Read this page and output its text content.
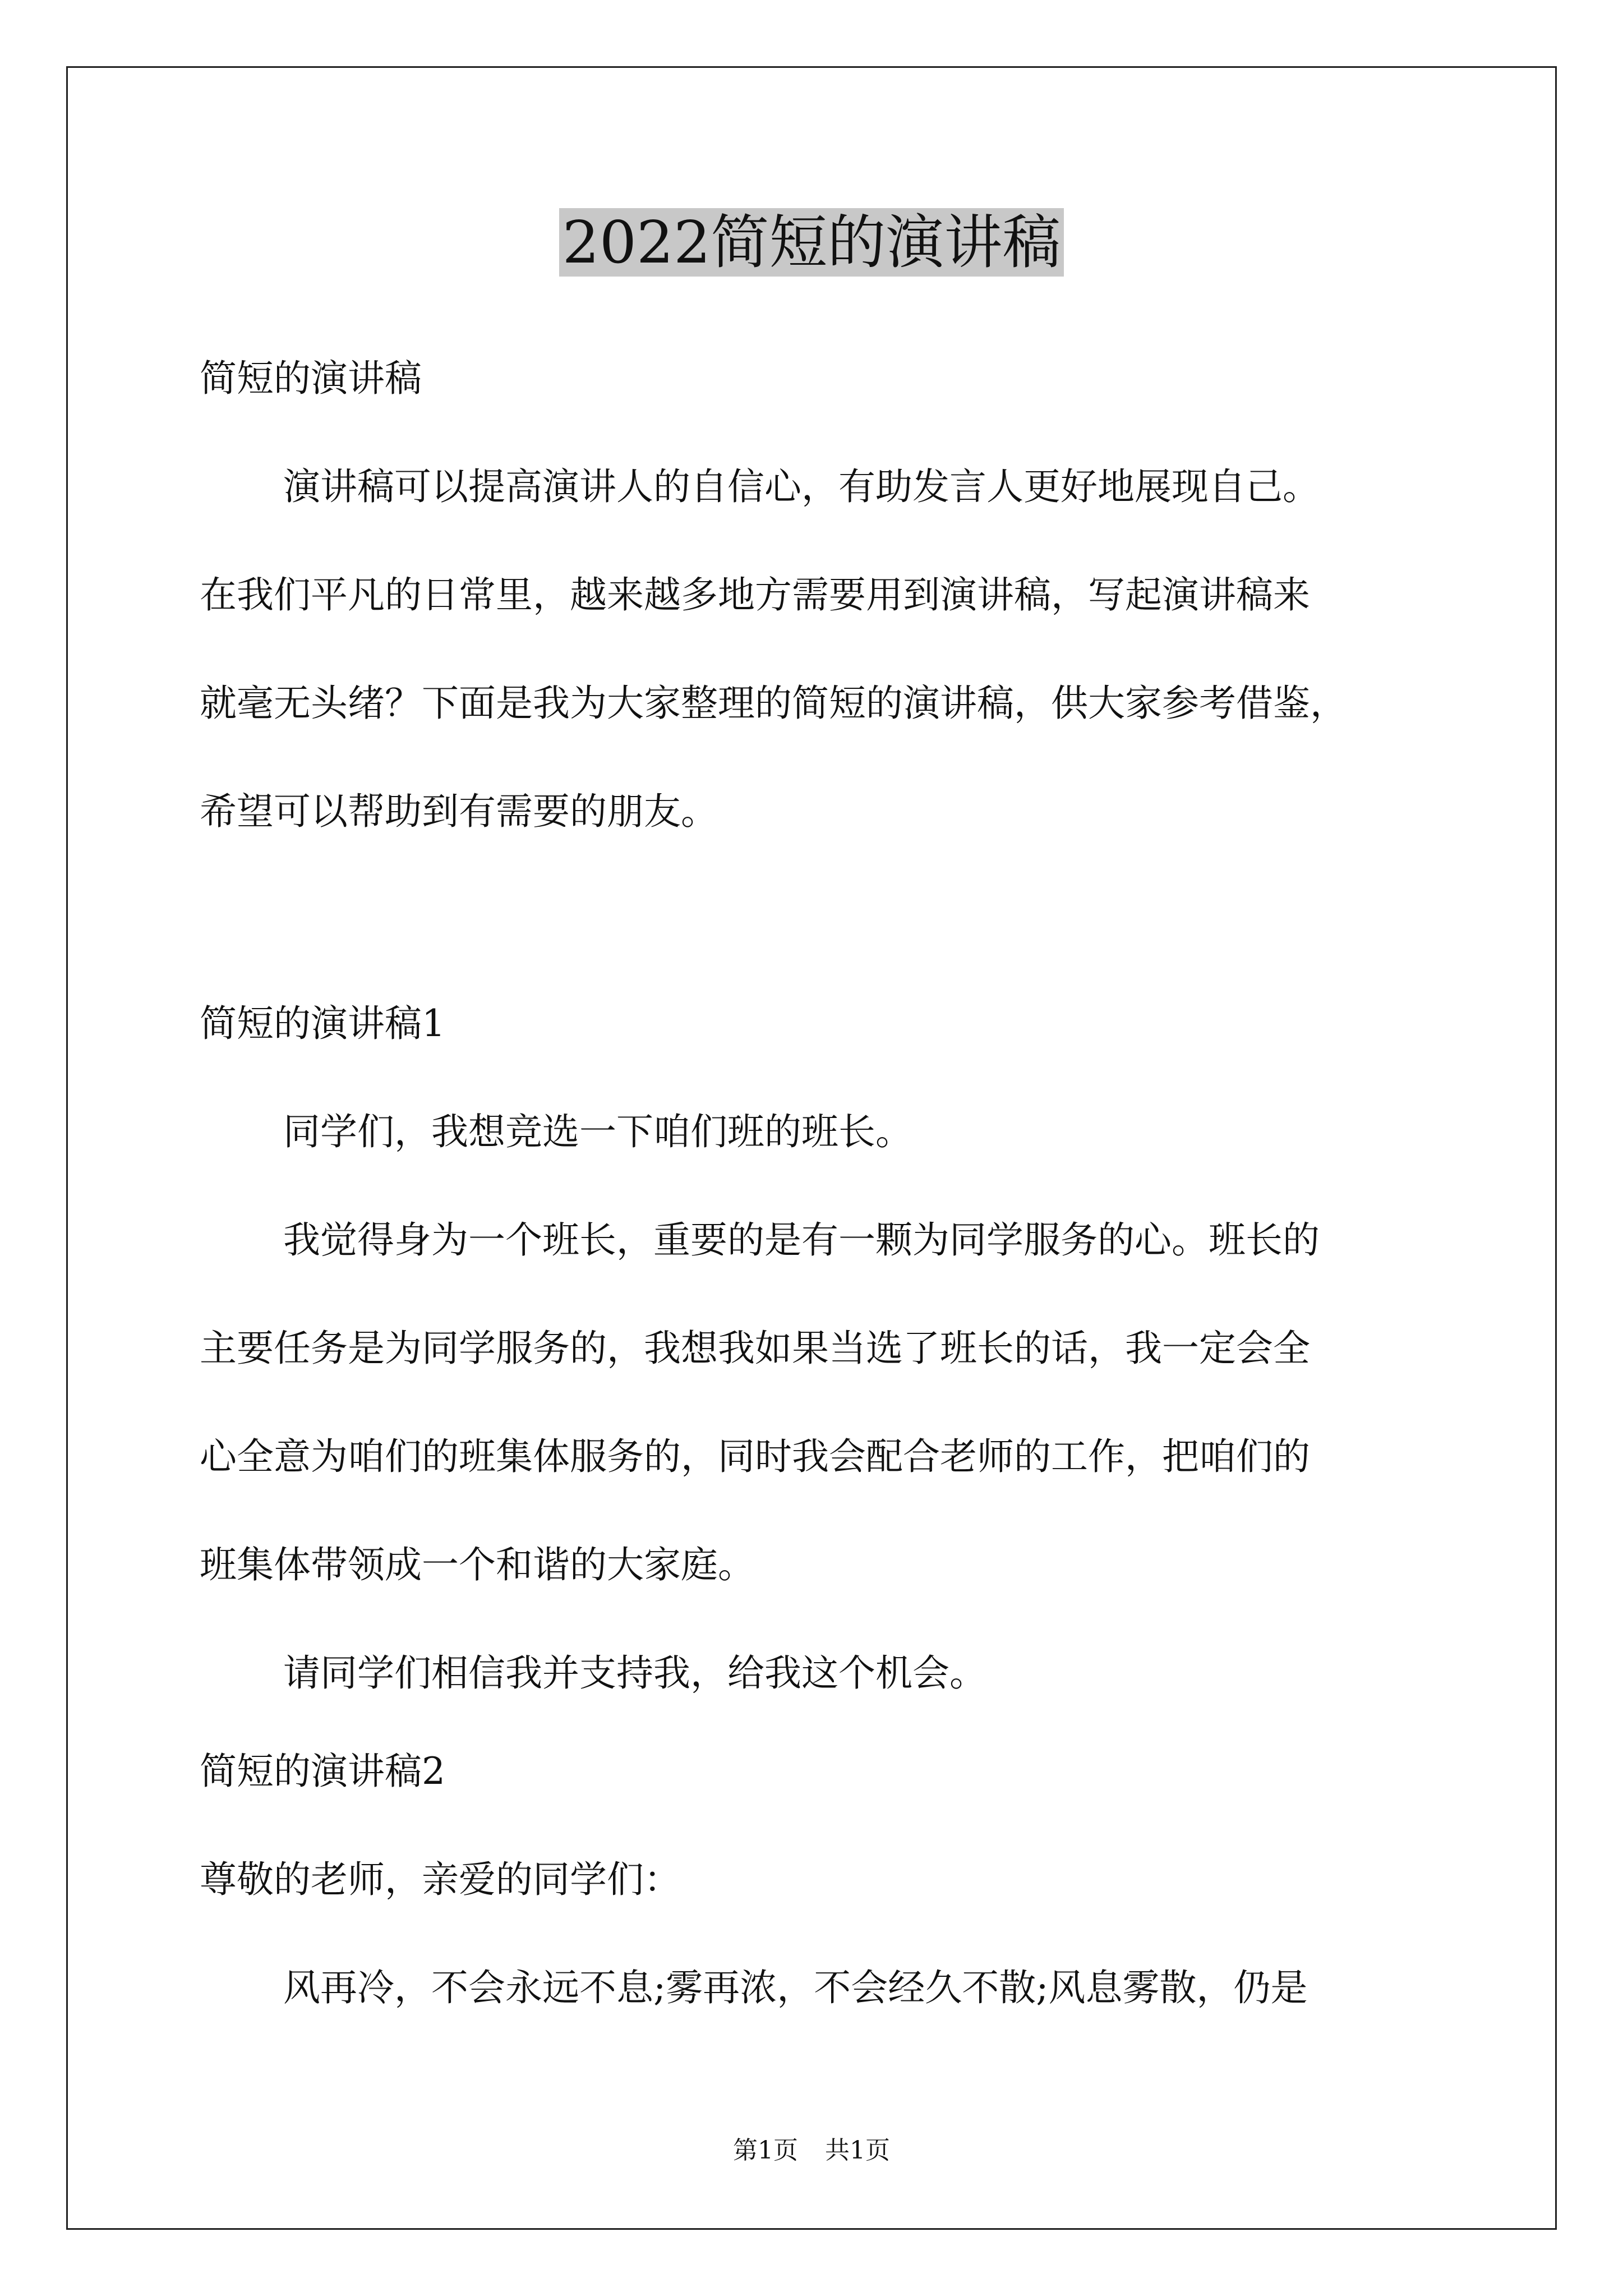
2022简短的演讲稿
简短的演讲稿
演讲稿可以提高演讲人的自信心，有助发言人更好地展现自己。
在我们平凡的日常里，越来越多地方需要用到演讲稿，写起演讲稿来
就毫无头绪？下面是我为大家整理的简短的演讲稿，供大家参考借鉴，
希望可以帮助到有需要的朋友。
简短的演讲稿1
同学们，我想竞选一下咱们班的班长。
我觉得身为一个班长，重要的是有一颗为同学服务的心。班长的
主要任务是为同学服务的，我想我如果当选了班长的话，我一定会全
心全意为咱们的班集体服务的，同时我会配合老师的工作，把咱们的
班集体带领成一个和谐的大家庭。
请同学们相信我并支持我，给我这个机会。
简短的演讲稿2
尊敬的老师，亲爱的同学们：
风再冷，不会永远不息;雾再浓，不会经久不散;风息雾散，仍是
第1页 共1页
